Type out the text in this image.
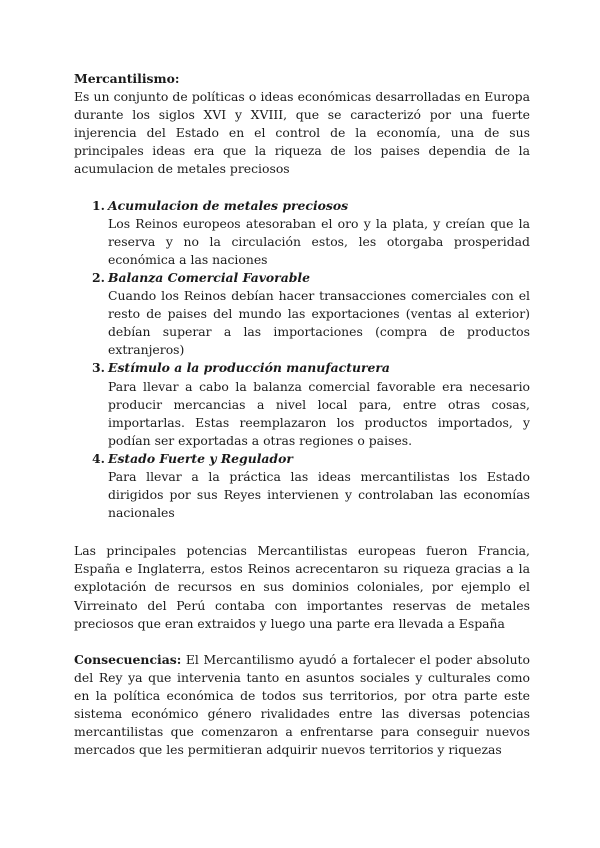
Mercantilismo:

Es un conjunto de políticas o ideas económicas desarrolladas en Europa durante los siglos XVI y XVIII, que se caracterizó por una fuerte injerencia del Estado en el control de la economía, una de sus principales ideas era que la riqueza de los paises dependia de la acumulacion de metales preciosos

1. Acumulacion de metales preciosos
Los Reinos europeos atesoraban el oro y la plata, y creían que la reserva y no la circulación estos, les otorgaba prosperidad económica a las naciones
2. Balanza Comercial Favorable
Cuando los Reinos debían hacer transacciones comerciales con el resto de paises del mundo las exportaciones (ventas al exterior) debían superar a las importaciones (compra de productos extranjeros)
3. Estímulo a la producción manufacturera
Para llevar a cabo la balanza comercial favorable era necesario producir mercancias a nivel local para, entre otras cosas, importarlas. Estas reemplazaron los productos importados, y podían ser exportadas a otras regiones o paises.
4. Estado Fuerte y Regulador
Para llevar a la práctica las ideas mercantilistas los Estado dirigidos por sus Reyes intervienen y controlaban las economías nacionales

Las principales potencias Mercantilistas europeas fueron Francia, España e Inglaterra, estos Reinos acrecentaron su riqueza gracias a la explotación de recursos en sus dominios coloniales, por ejemplo el Virreinato del Perú contaba con importantes reservas de metales preciosos que eran extraidos y luego una parte era llevada a España

Consecuencias: El Mercantilismo ayudó a fortalecer el poder absoluto del Rey ya que intervenia tanto en asuntos sociales y culturales como en la política económica de todos sus territorios, por otra parte este sistema económico género rivalidades entre las diversas potencias mercantilistas que comenzaron a enfrentarse para conseguir nuevos mercados que les permitieran adquirir nuevos territorios y riquezas
